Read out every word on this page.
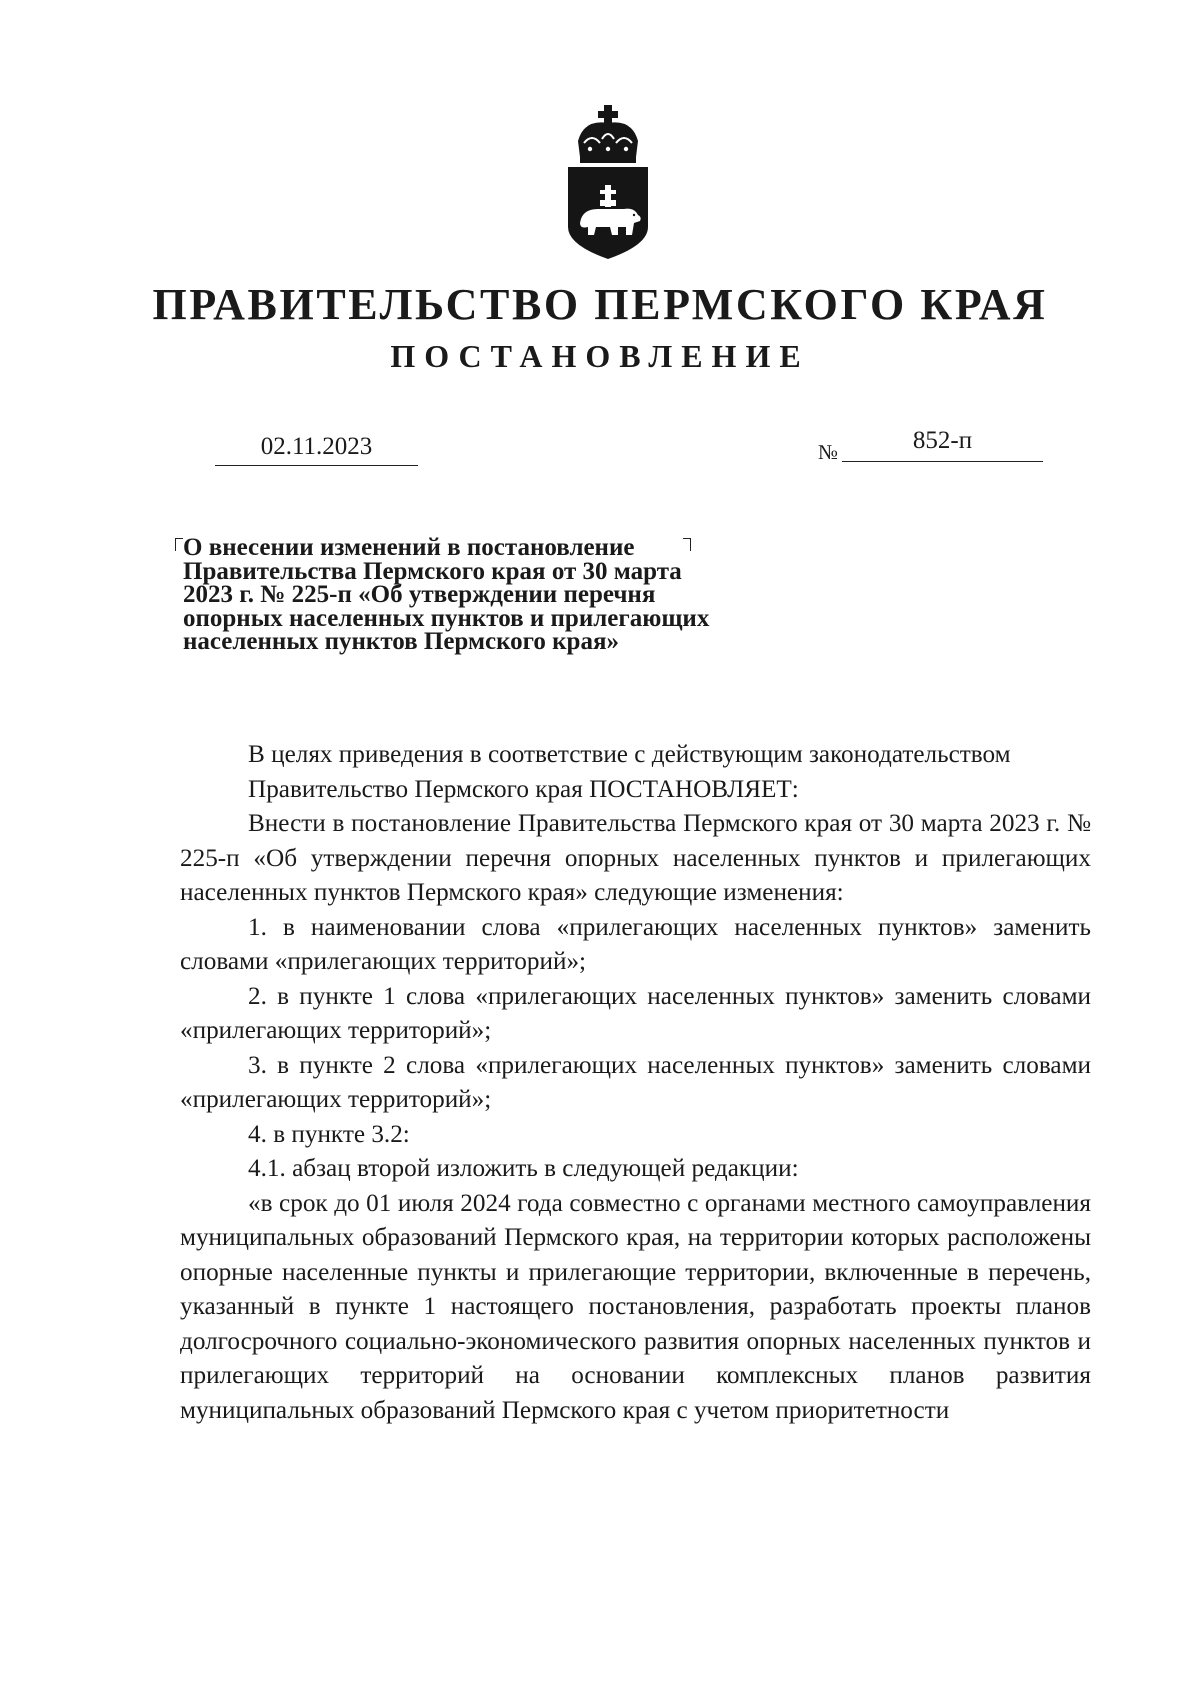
ПРАВИТЕЛЬСТВО ПЕРМСКОГО КРАЯ
ПОСТАНОВЛЕНИЕ
02.11.2023	№	852-п
О внесении изменений в постановление
Правительства Пермского края от 30 марта
2023 г. № 225-п «Об утверждении перечня
опорных населенных пунктов и прилегающих
населенных пунктов Пермского края»

В целях приведения в соответствие с действующим законодательством

Правительство Пермского края ПОСТАНОВЛЯЕТ:

Внести в постановление Правительства Пермского края от 30 марта 2023 г. № 225-п «Об утверждении перечня опорных населенных пунктов и прилегающих населенных пунктов Пермского края» следующие изменения:

1. в наименовании слова «прилегающих населенных пунктов» заменить словами «прилегающих территорий»;

2. в пункте 1 слова «прилегающих населенных пунктов» заменить словами «прилегающих территорий»;

3. в пункте 2 слова «прилегающих населенных пунктов» заменить словами «прилегающих территорий»;

4. в пункте 3.2:

4.1. абзац второй изложить в следующей редакции:

«в срок до 01 июля 2024 года совместно с органами местного самоуправления муниципальных образований Пермского края, на территории которых расположены опорные населенные пункты и прилегающие территории, включенные в перечень, указанный в пункте 1 настоящего постановления, разработать проекты планов долгосрочного социально-экономического развития опорных населенных пунктов и прилегающих территорий на основании комплексных планов развития муниципальных образований Пермского края с учетом приоритетности
